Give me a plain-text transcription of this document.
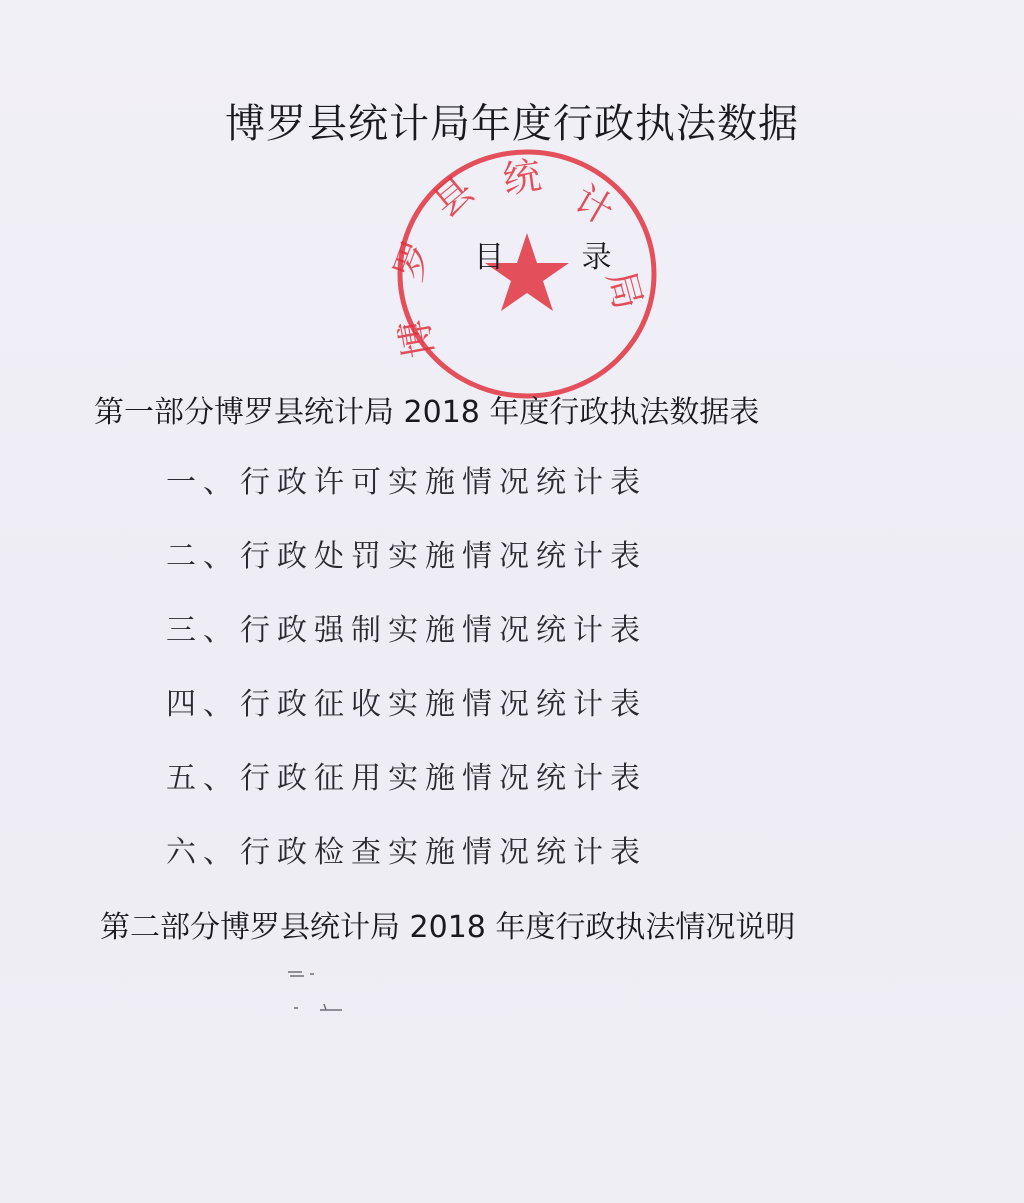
博罗县统计局年度行政执法数据
博
罗
县 统 计
局
目 录
第一部分博罗县统计局 2018 年度行政执法数据表
一、行政许可实施情况统计表
二、行政处罚实施情况统计表
三、行政强制实施情况统计表
四、行政征收实施情况统计表
五、行政征用实施情况统计表
六、行政检查实施情况统计表
第二部分博罗县统计局 2018 年度行政执法情况说明
